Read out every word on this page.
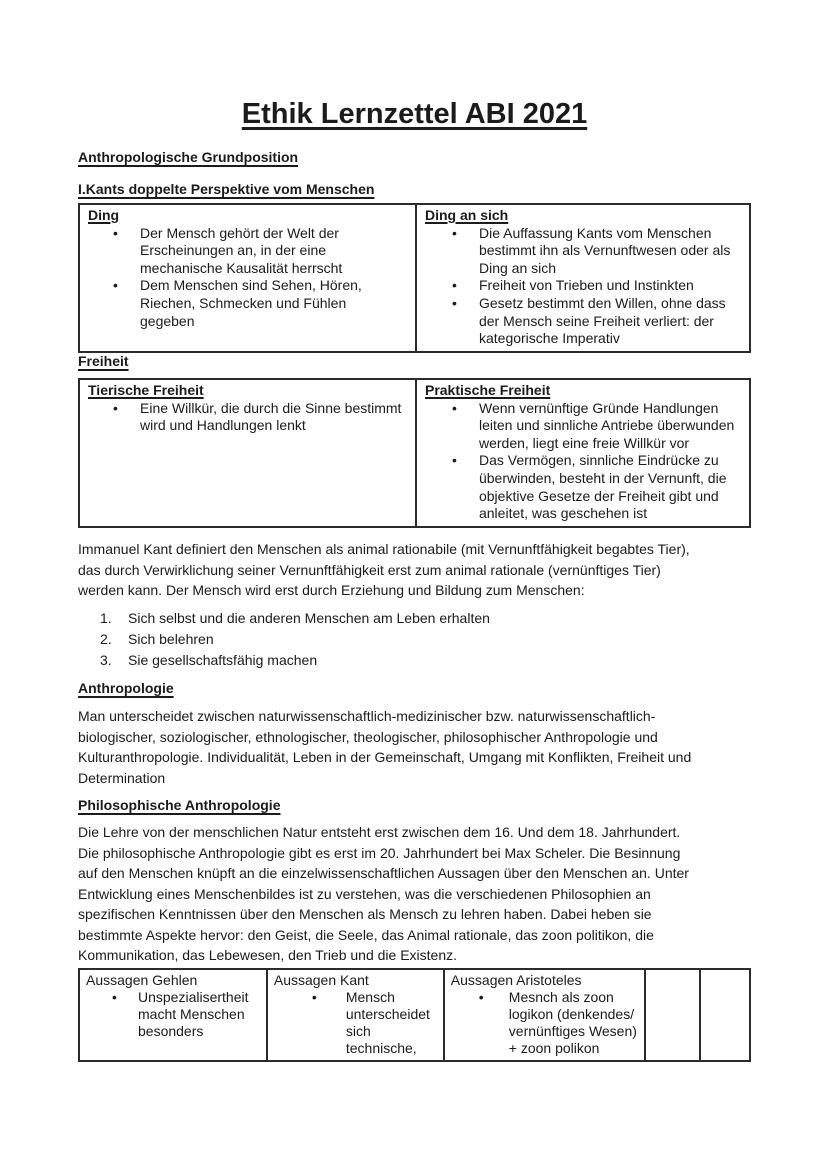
Ethik Lernzettel ABI 2021
Anthropologische Grundposition
I.Kants doppelte Perspektive vom Menschen
Ding
• Der Mensch gehört der Welt der Erscheinungen an, in der eine mechanische Kausalität herrscht
• Dem Menschen sind Sehen, Hören, Riechen, Schmecken und Fühlen gegeben
Ding an sich
• Die Auffassung Kants vom Menschen bestimmt ihn als Vernunftwesen oder als Ding an sich
• Freiheit von Trieben und Instinkten
• Gesetz bestimmt den Willen, ohne dass der Mensch seine Freiheit verliert: der kategorische Imperativ
Freiheit
Tierische Freiheit
• Eine Willkür, die durch die Sinne bestimmt wird und Handlungen lenkt
Praktische Freiheit
• Wenn vernünftige Gründe Handlungen leiten und sinnliche Antriebe überwunden werden, liegt eine freie Willkür vor
• Das Vermögen, sinnliche Eindrücke zu überwinden, besteht in der Vernunft, die objektive Gesetze der Freiheit gibt und anleitet, was geschehen ist
Immanuel Kant definiert den Menschen als animal rationabile (mit Vernunftfähigkeit begabtes Tier),
das durch Verwirklichung seiner Vernunftfähigkeit erst zum animal rationale (vernünftiges Tier)
werden kann. Der Mensch wird erst durch Erziehung und Bildung zum Menschen:
1. Sich selbst und die anderen Menschen am Leben erhalten
2. Sich belehren
3. Sie gesellschaftsfähig machen
Anthropologie
Man unterscheidet zwischen naturwissenschaftlich-medizinischer bzw. naturwissenschaftlich-
biologischer, soziologischer, ethnologischer, theologischer, philosophischer Anthropologie und
Kulturanthropologie. Individualität, Leben in der Gemeinschaft, Umgang mit Konflikten, Freiheit und
Determination
Philosophische Anthropologie
Die Lehre von der menschlichen Natur entsteht erst zwischen dem 16. Und dem 18. Jahrhundert.
Die philosophische Anthropologie gibt es erst im 20. Jahrhundert bei Max Scheler. Die Besinnung
auf den Menschen knüpft an die einzelwissenschaftlichen Aussagen über den Menschen an. Unter
Entwicklung eines Menschenbildes ist zu verstehen, was die verschiedenen Philosophien an
spezifischen Kenntnissen über den Menschen als Mensch zu lehren haben. Dabei heben sie
bestimmte Aspekte hervor: den Geist, die Seele, das Animal rationale, das zoon politikon, die
Kommunikation, das Lebewesen, den Trieb und die Existenz.
Aussagen Gehlen
• Unspezialisertheit macht Menschen besonders
Aussagen Kant
• Mensch unterscheidet sich technische,
Aussagen Aristoteles
• Mesnch als zoon logikon (denkendes/ vernünftiges Wesen) + zoon polikon
